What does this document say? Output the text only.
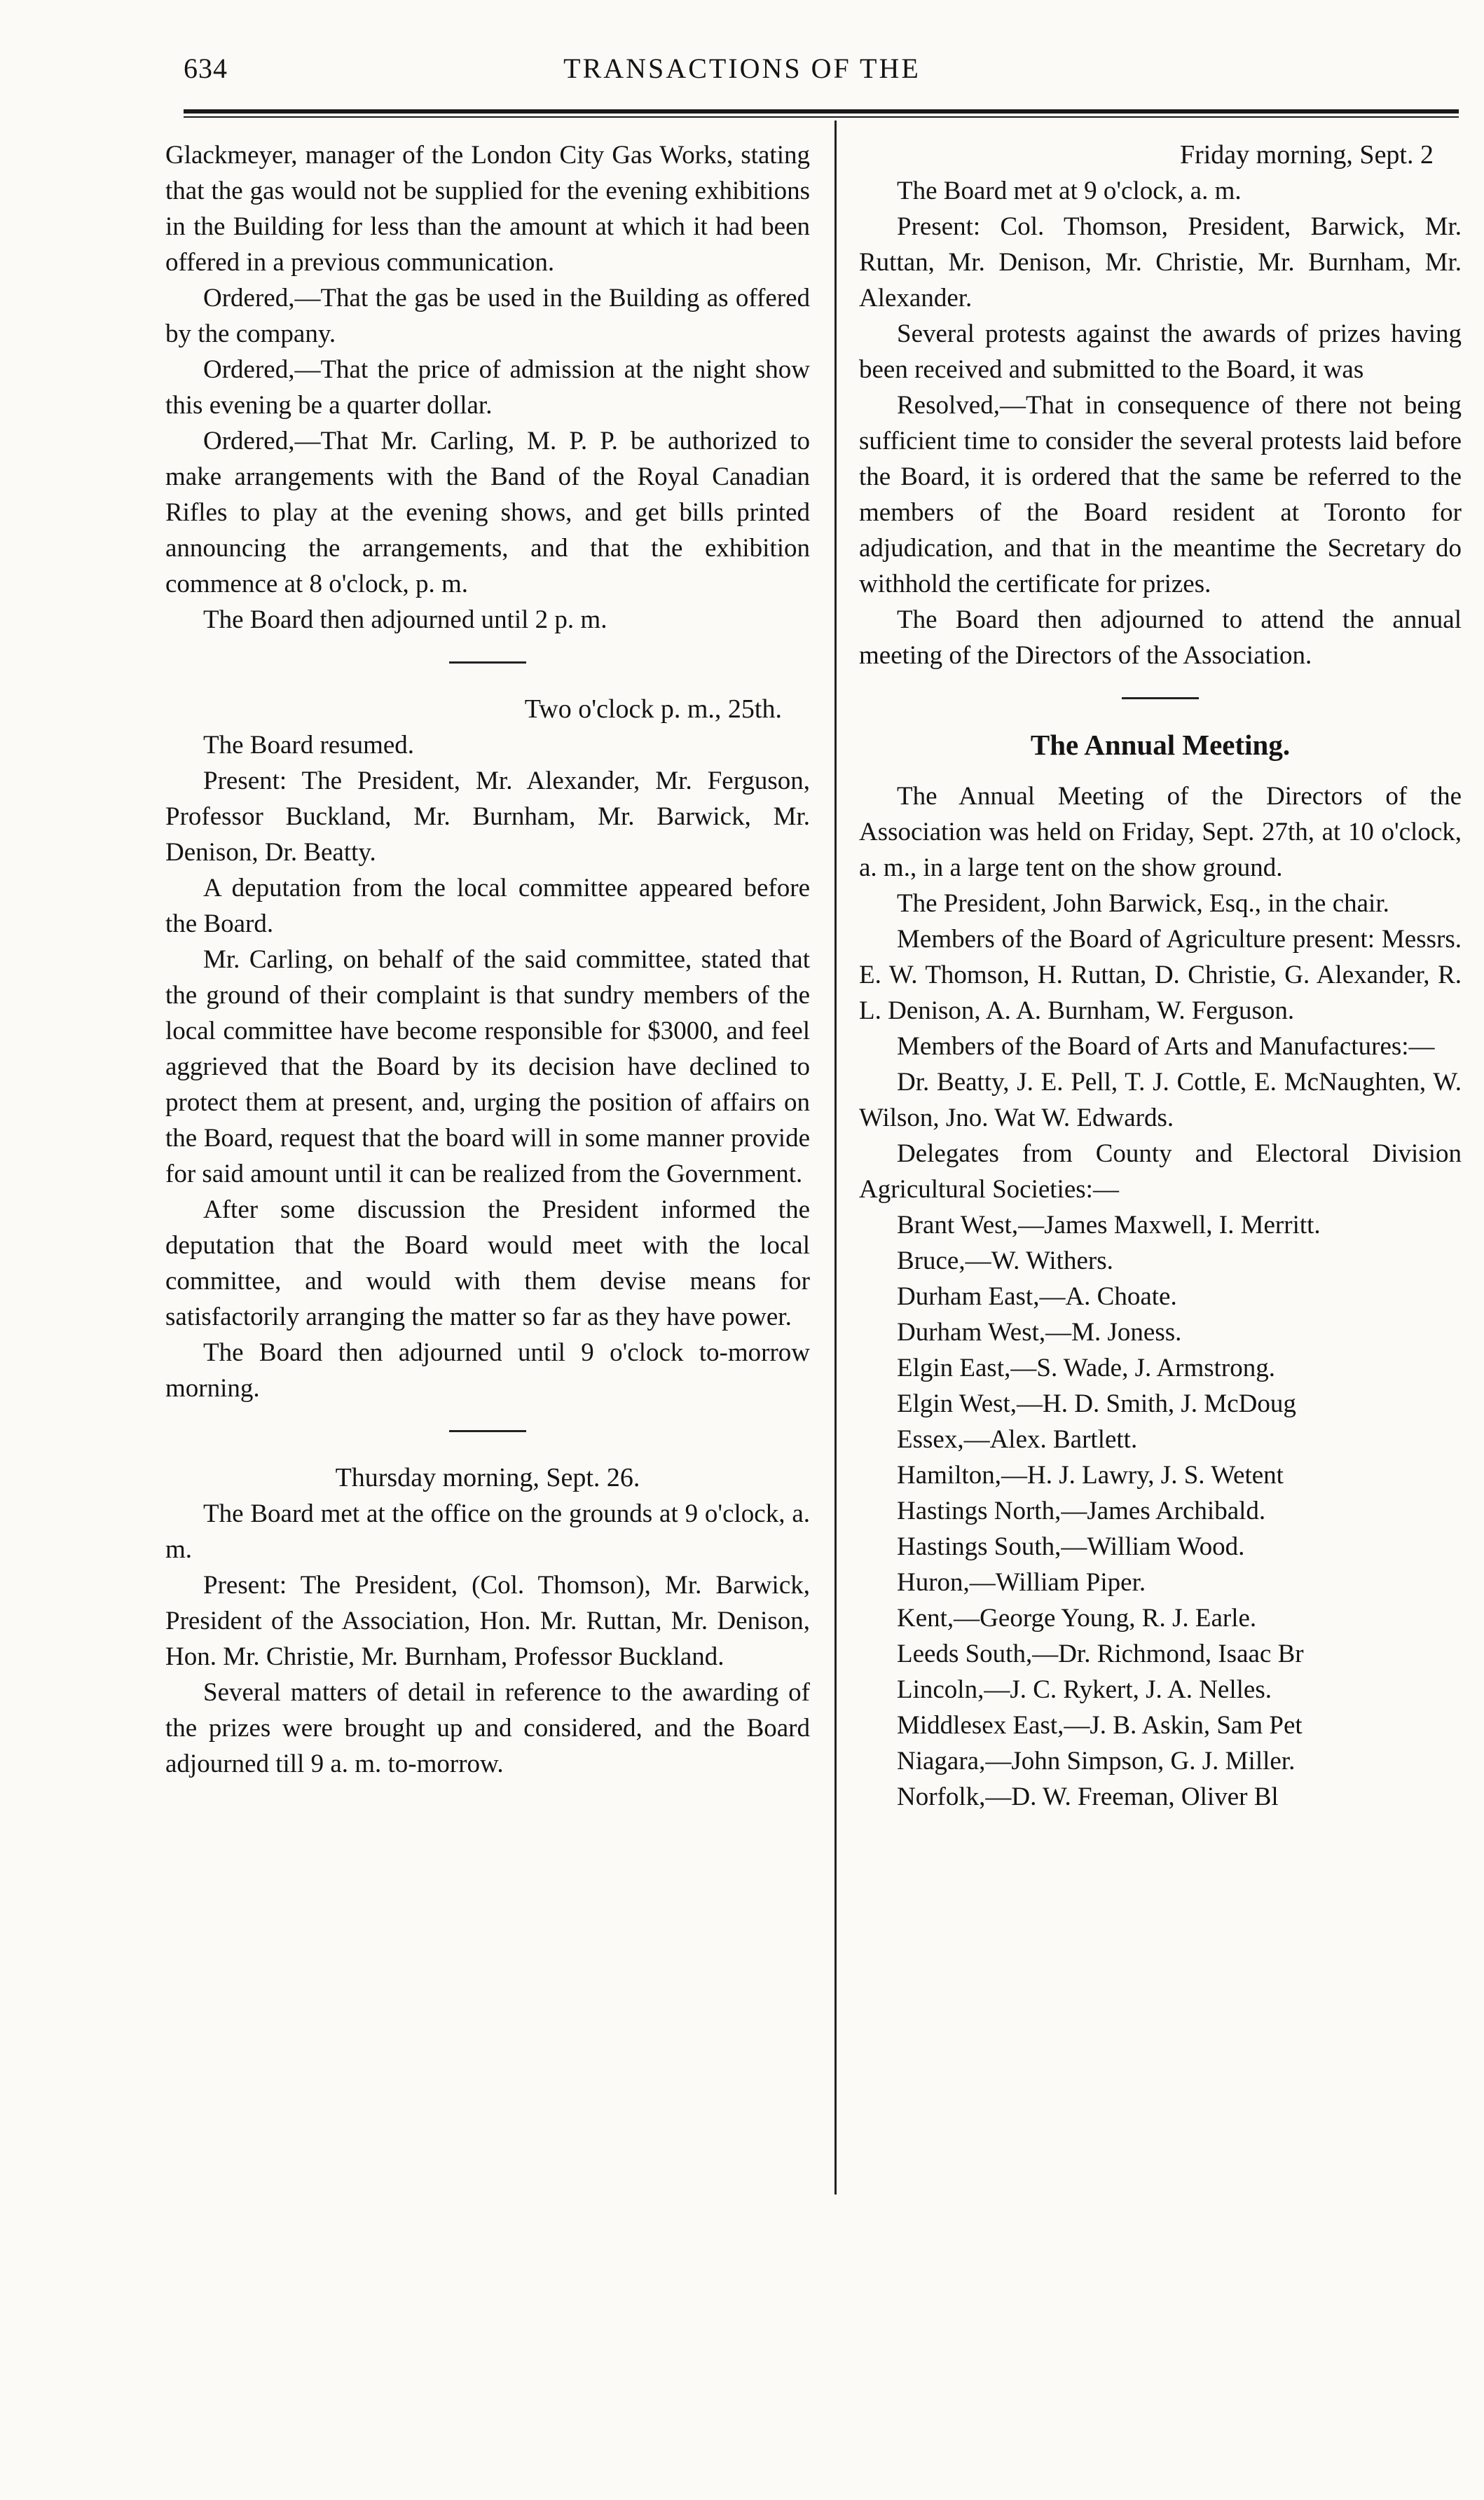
634	TRANSACTIONS OF THE

Glackmeyer, manager of the London City Gas Works, stating that the gas would not be supplied for the evening exhibitions in the Building for less than the amount at which it had been offered in a previous communication.

Ordered,—That the gas be used in the Building as offered by the company.

Ordered,—That the price of admission at the night show this evening be a quarter dollar.

Ordered,—That Mr. Carling, M. P. P. be authorized to make arrangements with the Band of the Royal Canadian Rifles to play at the evening shows, and get bills printed announcing the arrangements, and that the exhibition commence at 8 o'clock, p. m.

The Board then adjourned until 2 p. m.

Two o'clock p. m., 25th.

The Board resumed.

Present: The President, Mr. Alexander, Mr. Ferguson, Professor Buckland, Mr. Burnham, Mr. Barwick, Mr. Denison, Dr. Beatty.

A deputation from the local committee appeared before the Board.

Mr. Carling, on behalf of the said committee, stated that the ground of their complaint is that sundry members of the local committee have become responsible for $3000, and feel aggrieved that the Board by its decision have declined to protect them at present, and, urging the position of affairs on the Board, request that the board will in some manner provide for said amount until it can be realized from the Government.

After some discussion the President informed the deputation that the Board would meet with the local committee, and would with them devise means for satisfactorily arranging the matter so far as they have power.

The Board then adjourned until 9 o'clock to-morrow morning.

Thursday morning, Sept. 26.

The Board met at the office on the grounds at 9 o'clock, a. m.

Present: The President, (Col. Thomson), Mr. Barwick, President of the Association, Hon. Mr. Ruttan, Mr. Denison, Hon. Mr. Christie, Mr. Burnham, Professor Buckland.

Several matters of detail in reference to the awarding of the prizes were brought up and considered, and the Board adjourned till 9 a. m. to-morrow.

Friday morning, Sept. 2

The Board met at 9 o'clock, a. m.

Present: Col. Thomson, President, Barwick, Mr. Ruttan, Mr. Denison, Mr. Christie, Mr. Burnham, Mr. Alexander.

Several protests against the awards of prizes having been received and submitted to the Board, it was

Resolved,—That in consequence of there not being sufficient time to consider the several protests laid before the Board, it is ordered that the same be referred to the members of the Board resident at Toronto for adjudication, and that in the meantime the Secretary do withhold the certificate for prizes.

The Board then adjourned to attend the annual meeting of the Directors of the Association.

The Annual Meeting.

The Annual Meeting of the Directors of the Association was held on Friday, Sept. 27th, at 10 o'clock, a. m., in a large tent on the show ground.

The President, John Barwick, Esq., in the chair.

Members of the Board of Agriculture present: Messrs. E. W. Thomson, H. Ruttan, D. Christie, G. Alexander, R. L. Denison, A. A. Burnham, W. Ferguson.

Members of the Board of Arts and Manufactures:—

Dr. Beatty, J. E. Pell, T. J. Cottle, E. McNaughten, W. Wilson, Jno. Wat W. Edwards.

Delegates from County and Electoral Division Agricultural Societies:—

Brant West,—James Maxwell, I. Merritt.

Bruce,—W. Withers.

Durham East,—A. Choate.

Durham West,—M. Joness.

Elgin East,—S. Wade, J. Armstrong.

Elgin West,—H. D. Smith, J. McDoug

Essex,—Alex. Bartlett.

Hamilton,—H. J. Lawry, J. S. Wetent

Hastings North,—James Archibald.

Hastings South,—William Wood.

Huron,—William Piper.

Kent,—George Young, R. J. Earle.

Leeds South,—Dr. Richmond, Isaac Br

Lincoln,—J. C. Rykert, J. A. Nelles.

Middlesex East,—J. B. Askin, Sam Pet

Niagara,—John Simpson, G. J. Miller.

Norfolk,—D. W. Freeman, Oliver Bl
